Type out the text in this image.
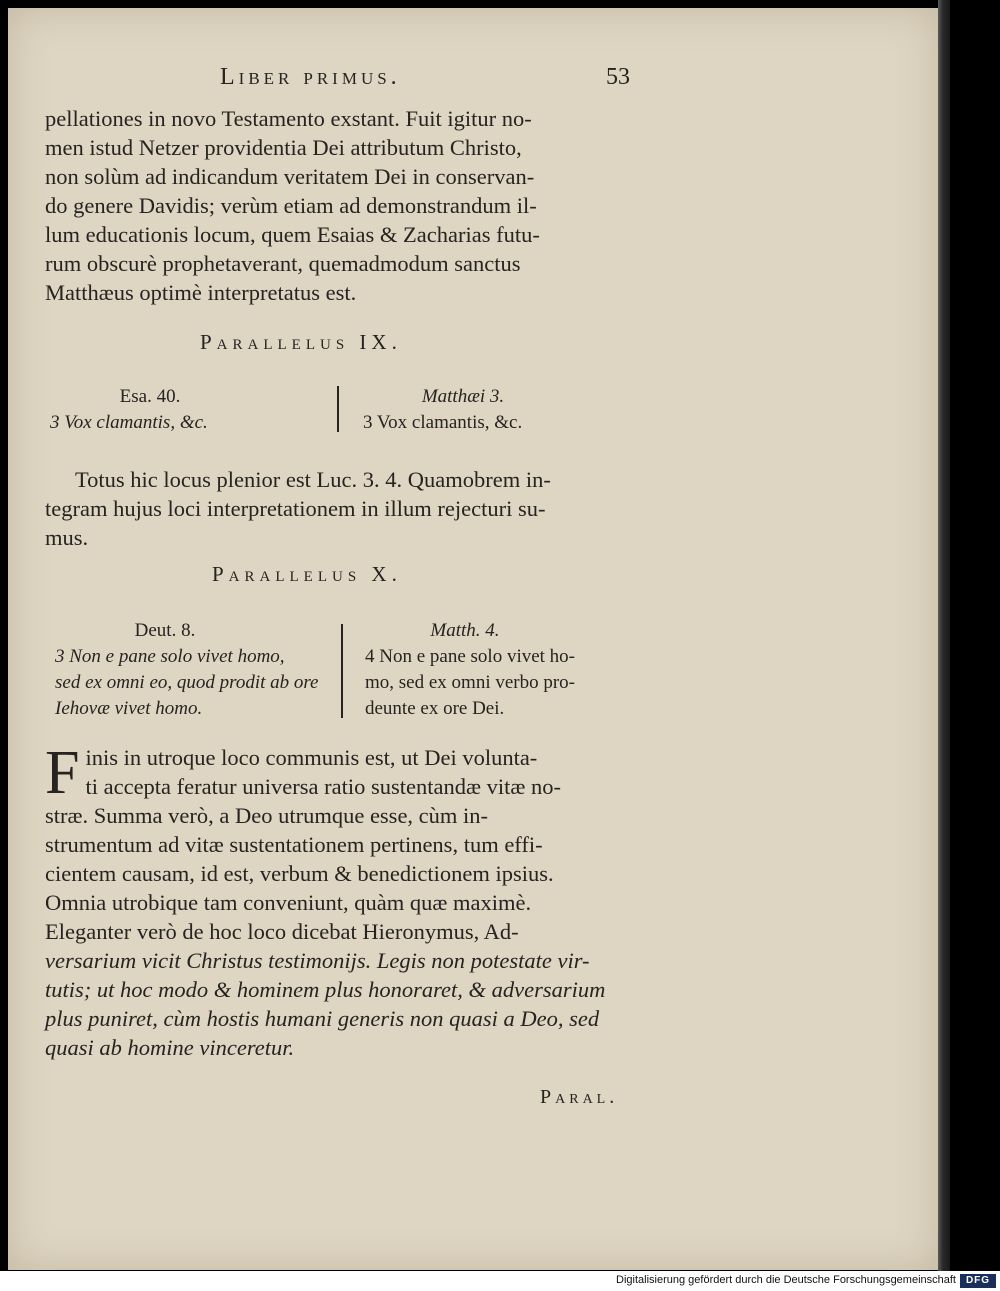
Liber primus.	53
pellationes in novo Testamento exstant. Fuit igitur no-
men istud Netzer providentia Dei attributum Christo,
non solùm ad indicandum veritatem Dei in conservan-
do genere Davidis; verùm etiam ad demonstrandum il-
lum educationis locum, quem Esaias & Zacharias futu-
rum obscurè prophetaverant, quemadmodum sanctus
Matthæus optimè interpretatus est.
Parallelus IX.
Esa. 40.
3 Vox clamantis, &c.
Matthæi 3.
3 Vox clamantis, &c.
Totus hic locus plenior est Luc. 3. 4. Quamobrem in-
tegram hujus loci interpretationem in illum rejecturi su-
mus.
Parallelus X.
Deut. 8.
3 Non e pane solo vivet homo,
sed ex omni eo, quod prodit ab ore
Iehovæ vivet homo.
Matth. 4.
4 Non e pane solo vivet ho-
mo, sed ex omni verbo pro-
deunte ex ore Dei.
F inis in utroque loco communis est, ut Dei volunta-
ti accepta feratur universa ratio sustentandæ vitæ no-
stræ. Summa verò, a Deo utrumque esse, cùm in-
strumentum ad vitæ sustentationem pertinens, tum effi-
cientem causam, id est, verbum & benedictionem ipsius.
Omnia utrobique tam conveniunt, quàm quæ maximè.
Eleganter verò de hoc loco dicebat Hieronymus, Ad-
versarium vicit Christus testimonijs. Legis non potestate vir-
tutis; ut hoc modo & hominem plus honoraret, & adversarium
plus puniret, cùm hostis humani generis non quasi a Deo, sed
quasi ab homine vinceretur.
Paral.
Digitalisierung gefördert durch die Deutsche Forschungsgemeinschaft DFG
